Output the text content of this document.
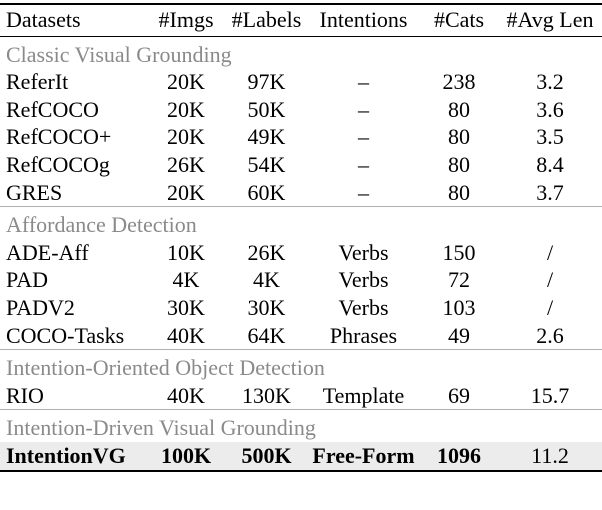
Datasets	#Imgs	#Labels	Intentions	#Cats	#Avg Len
Classic Visual Grounding					
ReferIt	20K	97K	–	238	3.2
RefCOCO	20K	50K	–	80	3.6
RefCOCO+	20K	49K	–	80	3.5
RefCOCOg	26K	54K	–	80	8.4
GRES	20K	60K	–	80	3.7
Affordance Detection					
ADE-Aff	10K	26K	Verbs	150	/
PAD	4K	4K	Verbs	72	/
PADV2	30K	30K	Verbs	103	/
COCO-Tasks	40K	64K	Phrases	49	2.6
Intention-Oriented Object Detection					
RIO	40K	130K	Template	69	15.7
Intention-Driven Visual Grounding					
IntentionVG	100K	500K	Free-Form	1096	11.2
